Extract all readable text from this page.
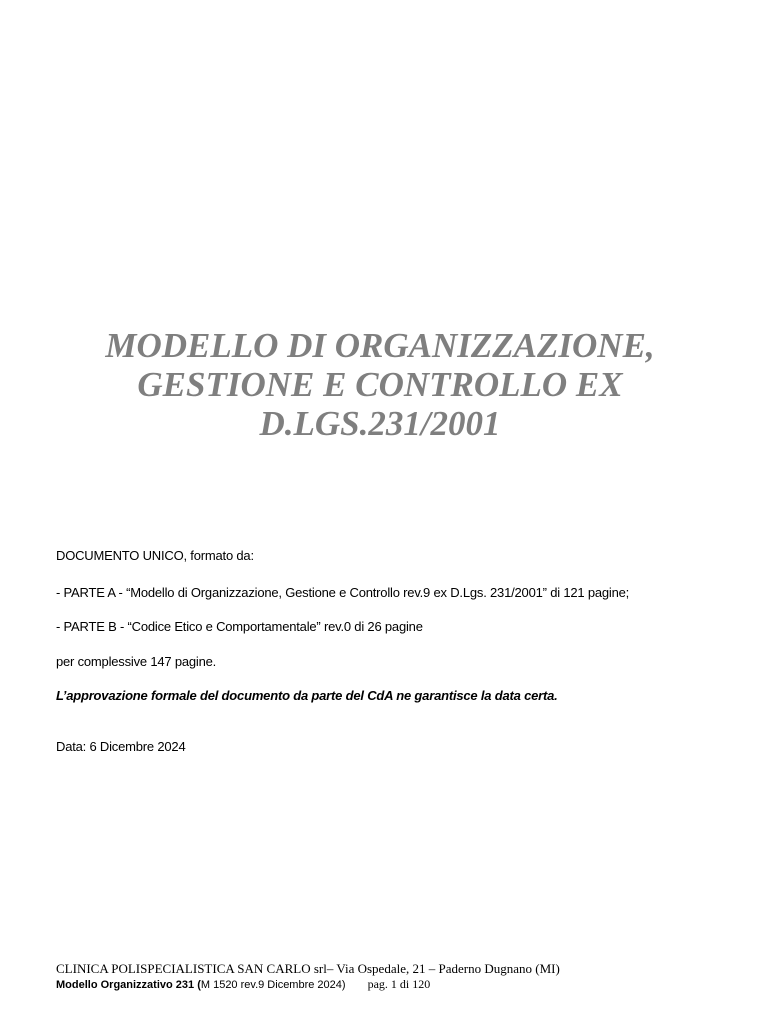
MODELLO DI ORGANIZZAZIONE,
GESTIONE E CONTROLLO EX
D.LGS.231/2001
DOCUMENTO UNICO, formato da:
- PARTE A - “Modello di Organizzazione, Gestione e Controllo rev.9 ex D.Lgs. 231/2001” di 121 pagine;
- PARTE B - “Codice Etico e Comportamentale” rev.0 di 26 pagine
per complessive 147 pagine.
L’approvazione formale del documento da parte del CdA ne garantisce la data certa.
Data: 6 Dicembre 2024
CLINICA POLISPECIALISTICA SAN CARLO srl– Via Ospedale, 21 – Paderno Dugnano (MI)
Modello Organizzativo 231 (M 1520 rev.9 Dicembre 2024) pag. 1 di 120
